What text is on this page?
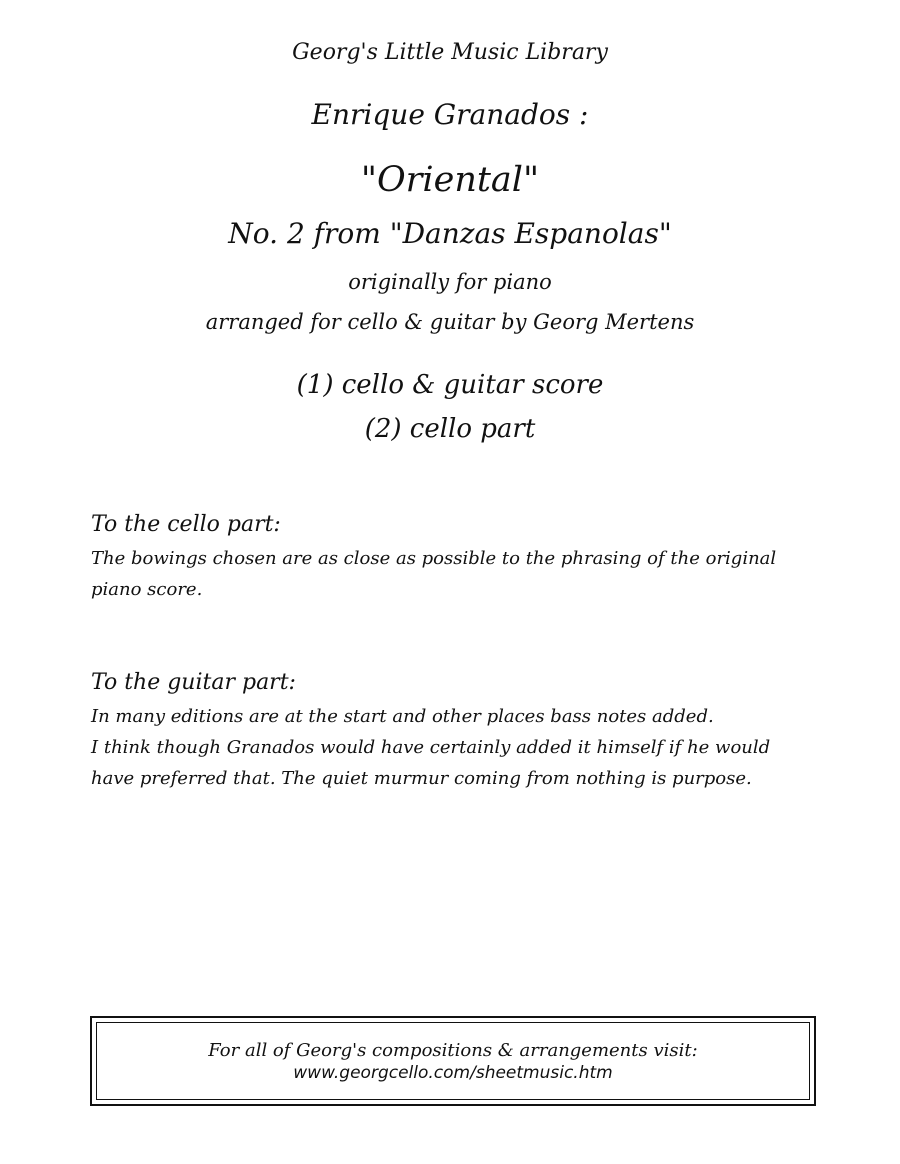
Georg's Little Music Library
Enrique Granados :
"Oriental"
No. 2 from "Danzas Espanolas"
originally for piano
arranged for cello & guitar by Georg Mertens
(1) cello & guitar score
(2) cello part
To the cello part:
The bowings chosen are as close as possible to the phrasing of the original
piano score.
To the guitar part:
In many editions are at the start and other places bass notes added.
I think though Granados would have certainly added it himself if he would
have preferred that. The quiet murmur coming from nothing is purpose.
For all of Georg's compositions & arrangements visit:
www.georgcello.com/sheetmusic.htm
